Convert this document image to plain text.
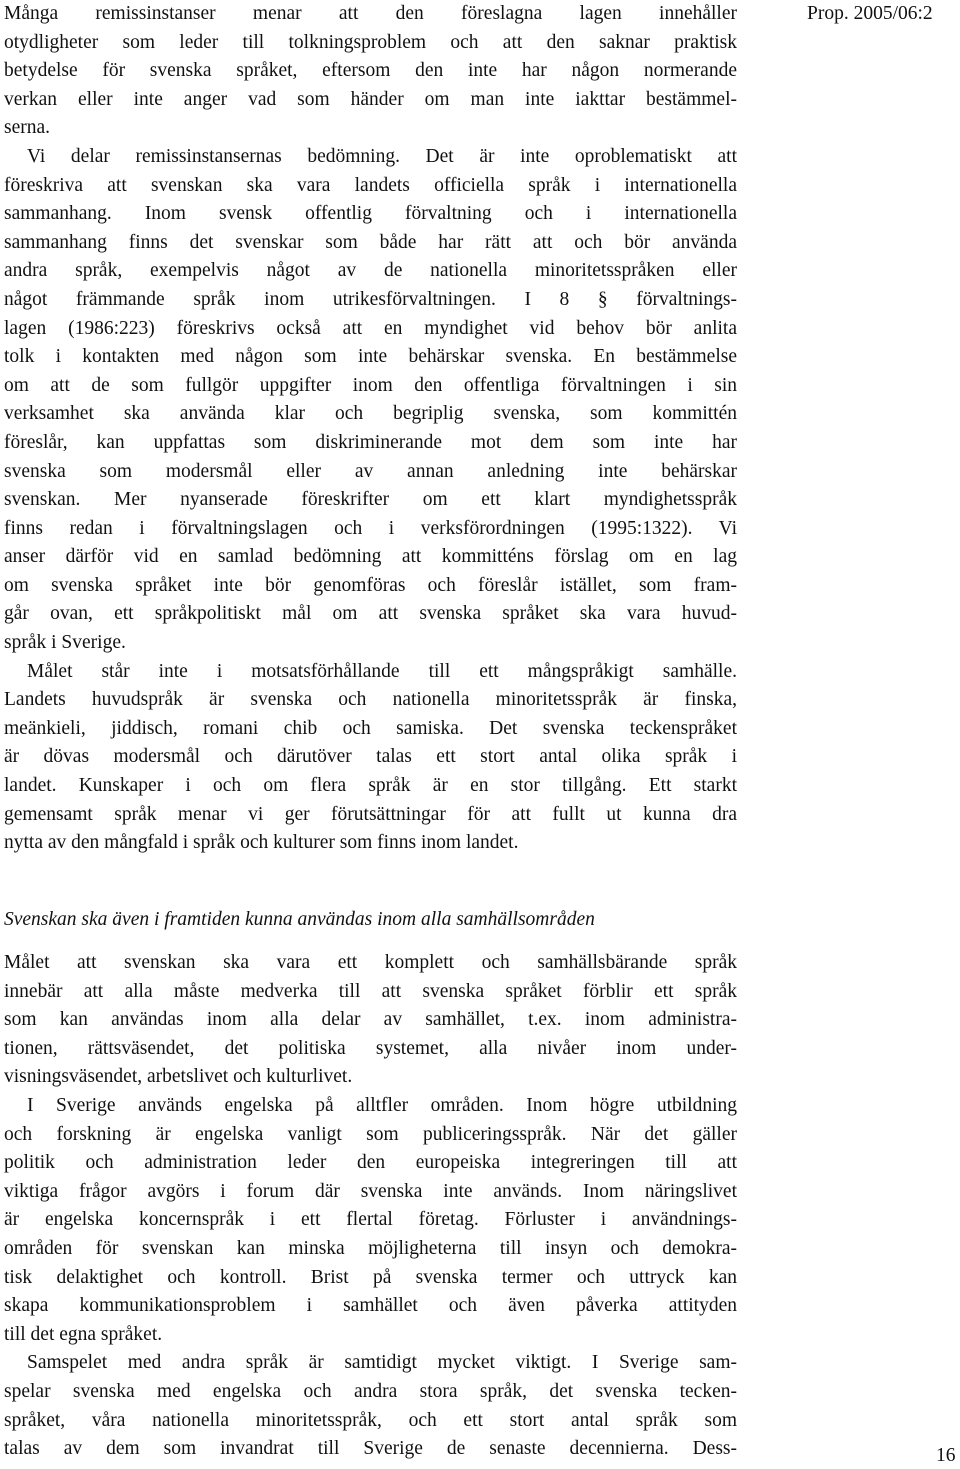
Prop. 2005/06:2
Många remissinstanser menar att den föreslagna lagen innehåller
otydligheter som leder till tolkningsproblem och att den saknar praktisk
betydelse för svenska språket, eftersom den inte har någon normerande
verkan eller inte anger vad som händer om man inte iakttar bestämmel-
serna.
Vi delar remissinstansernas bedömning. Det är inte oproblematiskt att
föreskriva att svenskan ska vara landets officiella språk i internationella
sammanhang. Inom svensk offentlig förvaltning och i internationella
sammanhang finns det svenskar som både har rätt att och bör använda
andra språk, exempelvis något av de nationella minoritetsspråken eller
något främmande språk inom utrikesförvaltningen. I 8 § förvaltnings-
lagen (1986:223) föreskrivs också att en myndighet vid behov bör anlita
tolk i kontakten med någon som inte behärskar svenska. En bestämmelse
om att de som fullgör uppgifter inom den offentliga förvaltningen i sin
verksamhet ska använda klar och begriplig svenska, som kommittén
föreslår, kan uppfattas som diskriminerande mot dem som inte har
svenska som modersmål eller av annan anledning inte behärskar
svenskan. Mer nyanserade föreskrifter om ett klart myndighetsspråk
finns redan i förvaltningslagen och i verksförordningen (1995:1322). Vi
anser därför vid en samlad bedömning att kommitténs förslag om en lag
om svenska språket inte bör genomföras och föreslår istället, som fram-
går ovan, ett språkpolitiskt mål om att svenska språket ska vara huvud-
språk i Sverige.
Målet står inte i motsatsförhållande till ett mångspråkigt samhälle.
Landets huvudspråk är svenska och nationella minoritetsspråk är finska,
meänkieli, jiddisch, romani chib och samiska. Det svenska teckenspråket
är dövas modersmål och därutöver talas ett stort antal olika språk i
landet. Kunskaper i och om flera språk är en stor tillgång. Ett starkt
gemensamt språk menar vi ger förutsättningar för att fullt ut kunna dra
nytta av den mångfald i språk och kulturer som finns inom landet.
Svenskan ska även i framtiden kunna användas inom alla samhällsområden
Målet att svenskan ska vara ett komplett och samhällsbärande språk
innebär att alla måste medverka till att svenska språket förblir ett språk
som kan användas inom alla delar av samhället, t.ex. inom administra-
tionen, rättsväsendet, det politiska systemet, alla nivåer inom under-
visningsväsendet, arbetslivet och kulturlivet.
I Sverige används engelska på alltfler områden. Inom högre utbildning
och forskning är engelska vanligt som publiceringsspråk. När det gäller
politik och administration leder den europeiska integreringen till att
viktiga frågor avgörs i forum där svenska inte används. Inom näringslivet
är engelska koncernspråk i ett flertal företag. Förluster i användnings-
områden för svenskan kan minska möjligheterna till insyn och demokra-
tisk delaktighet och kontroll. Brist på svenska termer och uttryck kan
skapa kommunikationsproblem i samhället och även påverka attityden
till det egna språket.
Samspelet med andra språk är samtidigt mycket viktigt. I Sverige sam-
spelar svenska med engelska och andra stora språk, det svenska tecken-
språket, våra nationella minoritetsspråk, och ett stort antal språk som
talas av dem som invandrat till Sverige de senaste decennierna. Dess-	16
